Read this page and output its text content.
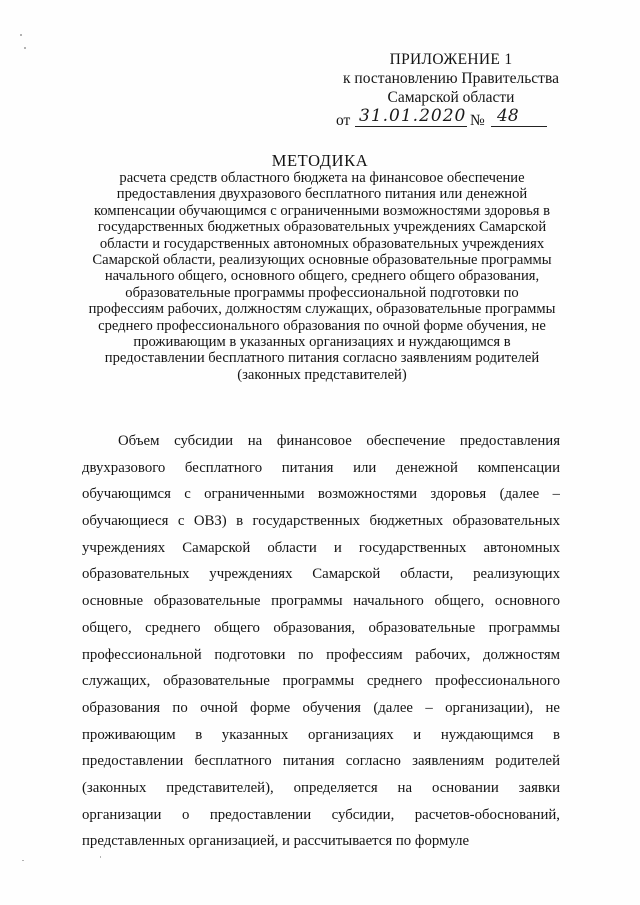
ПРИЛОЖЕНИЕ 1
к постановлению Правительства
Самарской области
от 31.01.2020 № 48
МЕТОДИКА
расчета средств областного бюджета на финансовое обеспечение
предоставления двухразового бесплатного питания или денежной
компенсации обучающимся с ограниченными возможностями здоровья в
государственных бюджетных образовательных учреждениях Самарской
области и государственных автономных образовательных учреждениях
Самарской области, реализующих основные образовательные программы
начального общего, основного общего, среднего общего образования,
образовательные программы профессиональной подготовки по
профессиям рабочих, должностям служащих, образовательные программы
среднего профессионального образования по очной форме обучения, не
проживающим в указанных организациях и нуждающимся в
предоставлении бесплатного питания согласно заявлениям родителей
(законных представителей)
Объем субсидии на финансовое обеспечение предоставления
двухразового бесплатного питания или денежной компенсации
обучающимся с ограниченными возможностями здоровья (далее –
обучающиеся с ОВЗ) в государственных бюджетных образовательных
учреждениях Самарской области и государственных автономных
образовательных учреждениях Самарской области, реализующих
основные образовательные программы начального общего, основного
общего, среднего общего образования, образовательные программы
профессиональной подготовки по профессиям рабочих, должностям
служащих, образовательные программы среднего профессионального
образования по очной форме обучения (далее – организации), не
проживающим в указанных организациях и нуждающимся в
предоставлении бесплатного питания согласно заявлениям родителей
(законных представителей), определяется на основании заявки
организации о предоставлении субсидии, расчетов-обоснований,
представленных организацией, и рассчитывается по формуле
